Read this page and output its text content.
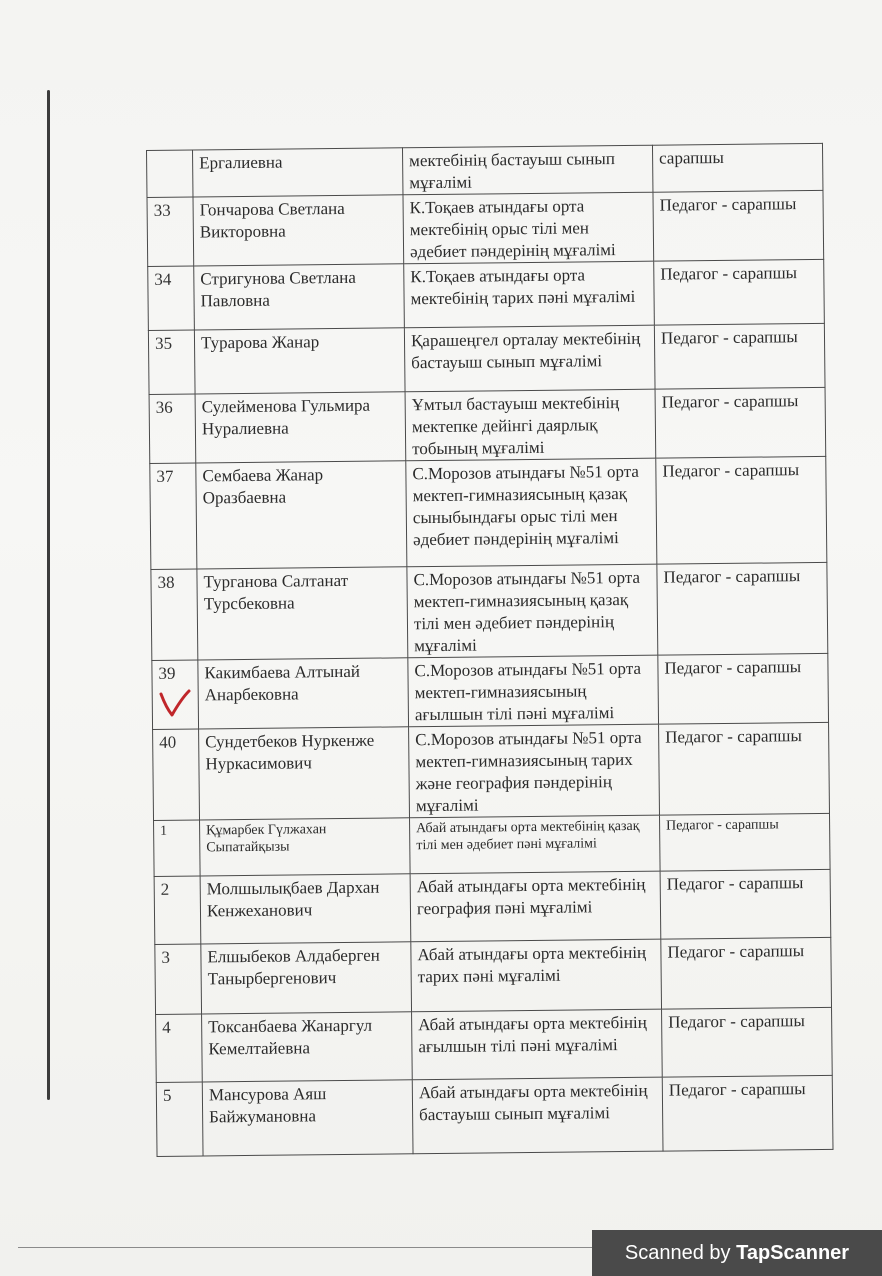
	Ергалиевна	мектебінің бастауыш сынып мұғалімі	сарапшы
33	Гончарова Светлана Викторовна	К.Тоқаев атындағы орта мектебінің орыс тілі мен әдебиет пәндерінің мұғалімі	Педагог - сарапшы
34	Стригунова Светлана Павловна	К.Тоқаев атындағы орта мектебінің тарих пәні мұғалімі	Педагог - сарапшы
35	Турарова Жанар	Қарашеңгел орталау мектебінің бастауыш сынып мұғалімі	Педагог - сарапшы
36	Сулейменова Гульмира Нуралиевна	Ұмтыл бастауыш мектебінің мектепке дейінгі даярлық тобының мұғалімі	Педагог - сарапшы
37	Сембаева Жанар Оразбаевна	С.Морозов атындағы №51 орта мектеп-гимназиясының қазақ сыныбындағы орыс тілі мен әдебиет пәндерінің мұғалімі	Педагог - сарапшы
38	Турганова Салтанат Турсбековна	С.Морозов атындағы №51 орта мектеп-гимназиясының қазақ тілі мен әдебиет пәндерінің мұғалімі	Педагог - сарапшы
39	Какимбаева Алтынай Анарбековна	С.Морозов атындағы №51 орта мектеп-гимназиясының ағылшын тілі пәні мұғалімі	Педагог - сарапшы
40	Сундетбеков Нуркенже Нуркасимович	С.Морозов атындағы №51 орта мектеп-гимназиясының тарих және география пәндерінің мұғалімі	Педагог - сарапшы
1	Құмарбек Гүлжахан Сыпатайқызы	Абай атындағы орта мектебінің қазақ тілі мен әдебиет пәні мұғалімі	Педагог - сарапшы
2	Молшылықбаев Дархан Кенжеханович	Абай атындағы орта мектебінің география пәні мұғалімі	Педагог - сарапшы
3	Елшыбеков Алдаберген Танырбергенович	Абай атындағы орта мектебінің тарих пәні мұғалімі	Педагог - сарапшы
4	Токсанбаева Жанаргул Кемелтайевна	Абай атындағы орта мектебінің ағылшын тілі пәні мұғалімі	Педагог - сарапшы
5	Мансурова Аяш Байжумановна	Абай атындағы орта мектебінің бастауыш сынып мұғалімі	Педагог - сарапшы
Scanned by TapScanner
